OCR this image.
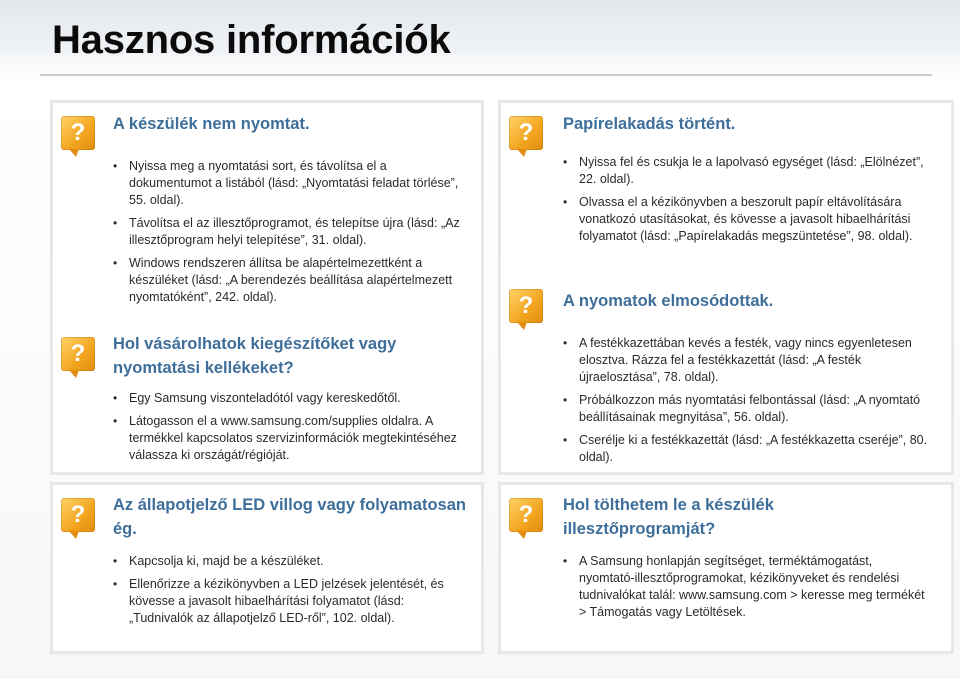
Hasznos információk
?	A készülék nem nyomtat.
• Nyissa meg a nyomtatási sort, és távolítsa el a dokumentumot a listából (lásd: „Nyomtatási feladat törlése”, 55. oldal).
• Távolítsa el az illesztőprogramot, és telepítse újra (lásd: „Az illesztőprogram helyi telepítése”, 31. oldal).
• Windows rendszeren állítsa be alapértelmezettként a készüléket (lásd: „A berendezés beállítása alapértelmezett nyomtatóként”, 242. oldal).
?	Hol vásárolhatok kiegészítőket vagy nyomtatási kellékeket?
• Egy Samsung viszonteladótól vagy kereskedőtől.
• Látogasson el a www.samsung.com/supplies oldalra. A termékkel kapcsolatos szervizinformációk megtekintéséhez válassza ki országát/régióját.
?	Az állapotjelző LED villog vagy folyamatosan ég.
• Kapcsolja ki, majd be a készüléket.
• Ellenőrizze a kézikönyvben a LED jelzések jelentését, és kövesse a javasolt hibaelhárítási folyamatot (lásd: „Tudnivalók az állapotjelző LED-ről”, 102. oldal).
?	Papírelakadás történt.
• Nyissa fel és csukja le a lapolvasó egységet (lásd: „Elölnézet”, 22. oldal).
• Olvassa el a kézikönyvben a beszorult papír eltávolítására vonatkozó utasításokat, és kövesse a javasolt hibaelhárítási folyamatot (lásd: „Papírelakadás megszüntetése”, 98. oldal).
?	A nyomatok elmosódottak.
• A festékkazettában kevés a festék, vagy nincs egyenletesen elosztva. Rázza fel a festékkazettát (lásd: „A festék újraelosztása”, 78. oldal).
• Próbálkozzon más nyomtatási felbontással (lásd: „A nyomtató beállításainak megnyitása”, 56. oldal).
• Cserélje ki a festékkazettát (lásd: „A festékkazetta cseréje”, 80. oldal).
?	Hol tölthetem le a készülék illesztőprogramját?
• A Samsung honlapján segítséget, terméktámogatást, nyomtató-illesztőprogramokat, kézikönyveket és rendelési tudnivalókat talál: www.samsung.com > keresse meg termékét > Támogatás vagy Letöltések.
